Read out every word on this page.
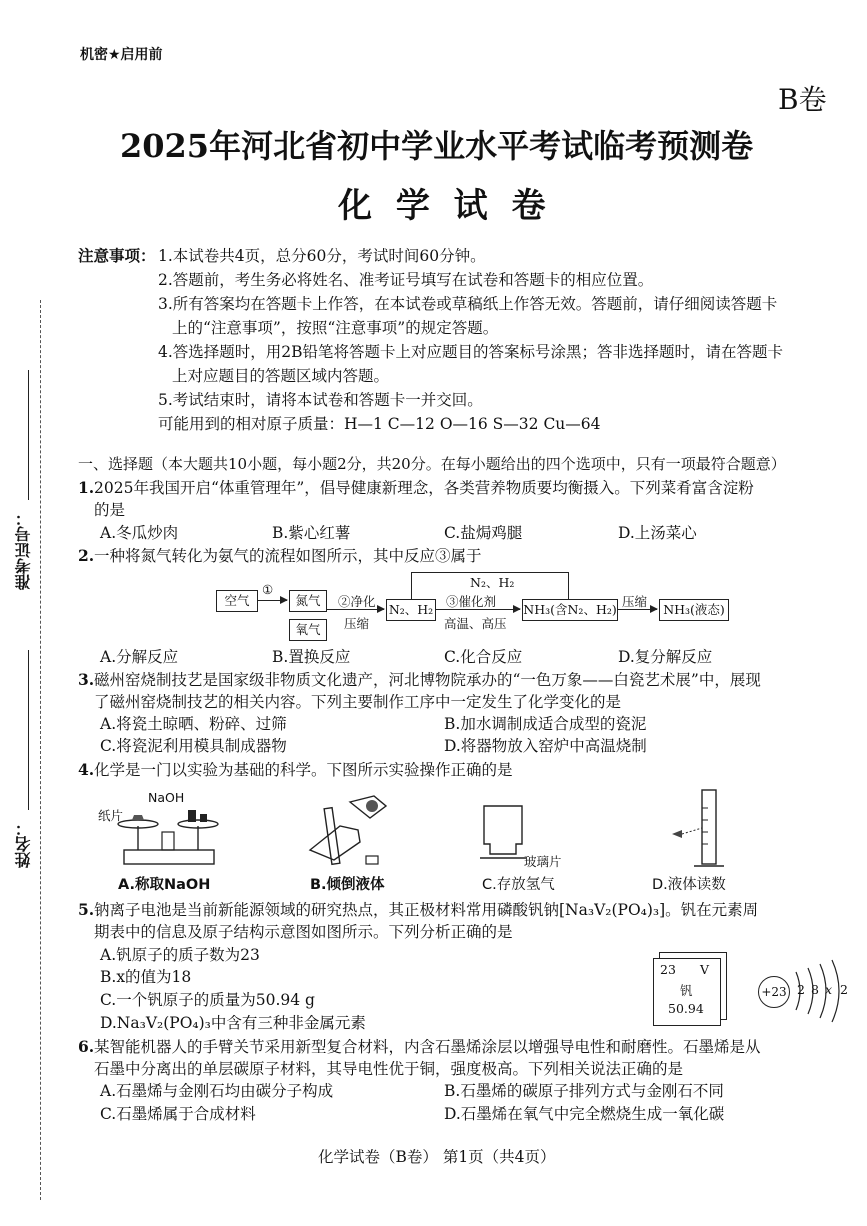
准考证号：
姓名：
机密★启用前
B卷
2025年河北省初中学业水平考试临考预测卷
化 学 试 卷
注意事项： 1.本试卷共4页，总分60分，考试时间60分钟。
2.答题前，考生务必将姓名、准考证号填写在试卷和答题卡的相应位置。
3.所有答案均在答题卡上作答，在本试卷或草稿纸上作答无效。答题前，请仔细阅读答题卡
上的“注意事项”，按照“注意事项”的规定答题。
4.答选择题时，用2B铅笔将答题卡上对应题目的答案标号涂黑；答非选择题时，请在答题卡
上对应题目的答题区域内答题。
5.考试结束时，请将本试卷和答题卡一并交回。
可能用到的相对原子质量：H—1 C—12 O—16 S—32 Cu—64
一、选择题（本大题共10小题，每小题2分，共20分。在每小题给出的四个选项中，只有一项最符合题意）
1. 2025年我国开启“体重管理年”，倡导健康新理念，各类营养物质要均衡摄入。下列菜肴富含淀粉
的是
A.冬瓜炒肉	B.紫心红薯	C.盐焗鸡腿	D.上汤菜心
2. 一种将氮气转化为氨气的流程如图所示，其中反应③属于
空气
①
氮气
氧气
②净化
压缩
N₂、H₂
③催化剂
高温、高压
NH₃(含N₂、H₂)
压缩
NH₃(液态)
N₂、H₂
A.分解反应	B.置换反应	C.化合反应	D.复分解反应
3. 磁州窑烧制技艺是国家级非物质文化遗产，河北博物院承办的“一色万象——白瓷艺术展”中，展现
了磁州窑烧制技艺的相关内容。下列主要制作工序中一定发生了化学变化的是
A.将瓷土晾晒、粉碎、过筛	B.加水调制成适合成型的瓷泥
C.将瓷泥利用模具制成器物	D.将器物放入窑炉中高温烧制
4. 化学是一门以实验为基础的科学。下图所示实验操作正确的是
NaOH
纸片
A.称取NaOH	B.倾倒液体
玻璃片
C.存放氢气	D.液体读数
5. 钠离子电池是当前新能源领域的研究热点，其正极材料常用磷酸钒钠[Na₃V₂(PO₄)₃]。钒在元素周
期表中的信息及原子结构示意图如图所示。下列分析正确的是
A.钒原子的质子数为23
B.x的值为18
C.一个钒原子的质量为50.94 g
D.Na₃V₂(PO₄)₃中含有三种非金属元素
23 V
钒
50.94
+23 2 8 x 2
6. 某智能机器人的手臂关节采用新型复合材料，内含石墨烯涂层以增强导电性和耐磨性。石墨烯是从
石墨中分离出的单层碳原子材料，其导电性优于铜，强度极高。下列相关说法正确的是
A.石墨烯与金刚石均由碳分子构成	B.石墨烯的碳原子排列方式与金刚石不同
C.石墨烯属于合成材料	D.石墨烯在氧气中完全燃烧生成一氧化碳
化学试卷（B卷） 第1页（共4页）
